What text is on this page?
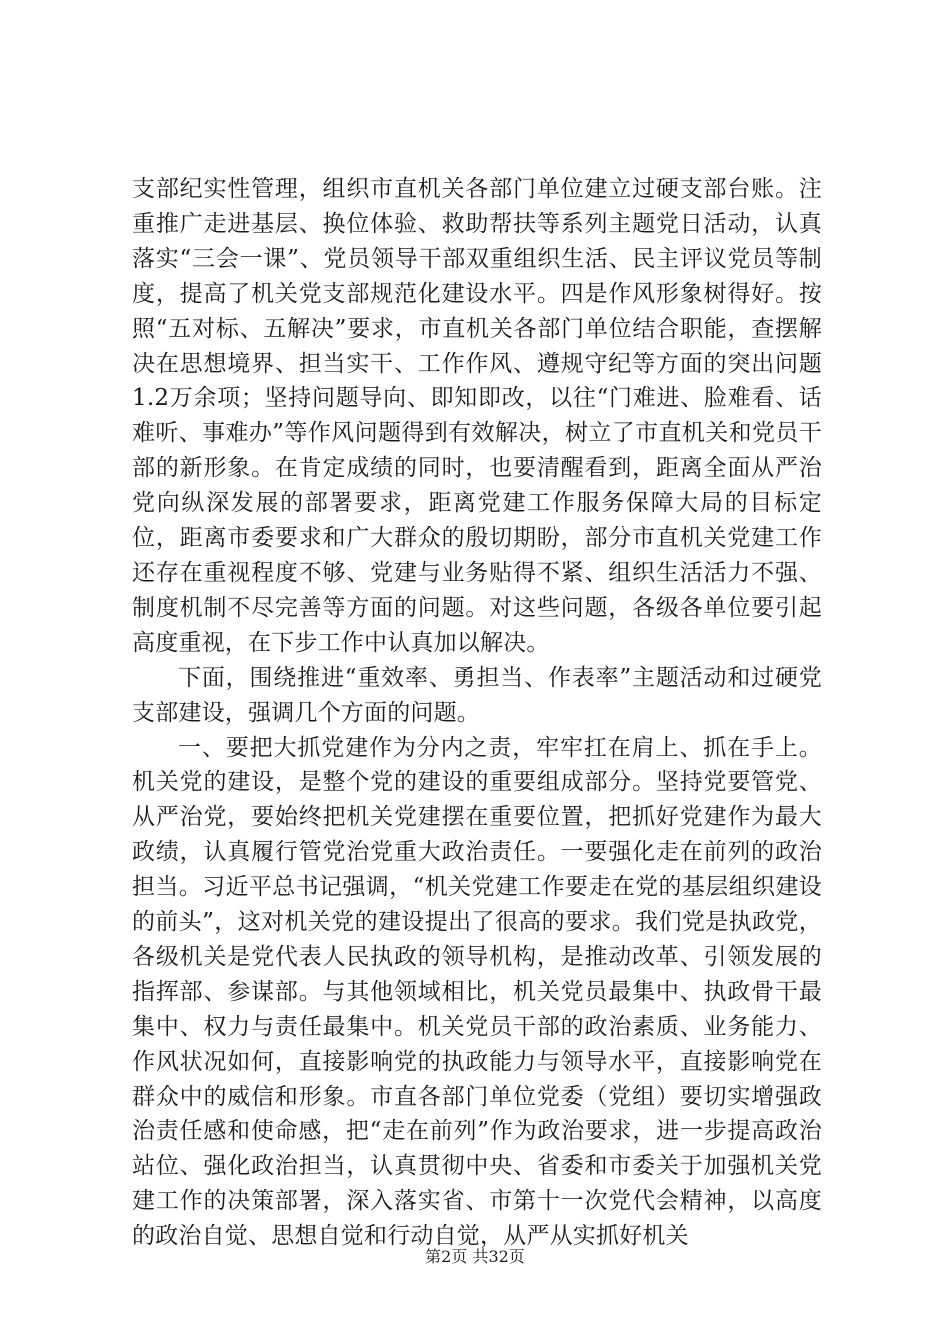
支部纪实性管理，组织市直机关各部门单位建立过硬支部台账。注重推广走进基层、换位体验、救助帮扶等系列主题党日活动，认真落实“三会一课”、党员领导干部双重组织生活、民主评议党员等制度，提高了机关党支部规范化建设水平。四是作风形象树得好。按照“五对标、五解决”要求，市直机关各部门单位结合职能，查摆解决在思想境界、担当实干、工作作风、遵规守纪等方面的突出问题1.2万余项；坚持问题导向、即知即改，以往“门难进、脸难看、话难听、事难办”等作风问题得到有效解决，树立了市直机关和党员干部的新形象。在肯定成绩的同时，也要清醒看到，距离全面从严治党向纵深发展的部署要求，距离党建工作服务保障大局的目标定位，距离市委要求和广大群众的殷切期盼，部分市直机关党建工作还存在重视程度不够、党建与业务贴得不紧、组织生活活力不强、制度机制不尽完善等方面的问题。对这些问题，各级各单位要引起高度重视，在下步工作中认真加以解决。

下面，围绕推进“重效率、勇担当、作表率”主题活动和过硬党支部建设，强调几个方面的问题。

一、要把大抓党建作为分内之责，牢牢扛在肩上、抓在手上。机关党的建设，是整个党的建设的重要组成部分。坚持党要管党、从严治党，要始终把机关党建摆在重要位置，把抓好党建作为最大政绩，认真履行管党治党重大政治责任。一要强化走在前列的政治担当。习近平总书记强调，“机关党建工作要走在党的基层组织建设的前头”，这对机关党的建设提出了很高的要求。我们党是执政党，各级机关是党代表人民执政的领导机构，是推动改革、引领发展的指挥部、参谋部。与其他领域相比，机关党员最集中、执政骨干最集中、权力与责任最集中。机关党员干部的政治素质、业务能力、作风状况如何，直接影响党的执政能力与领导水平，直接影响党在群众中的威信和形象。市直各部门单位党委（党组）要切实增强政治责任感和使命感，把“走在前列”作为政治要求，进一步提高政治站位、强化政治担当，认真贯彻中央、省委和市委关于加强机关党建工作的决策部署，深入落实省、市第十一次党代会精神，以高度的政治自觉、思想自觉和行动自觉，从严从实抓好机关

第2页 共32页
